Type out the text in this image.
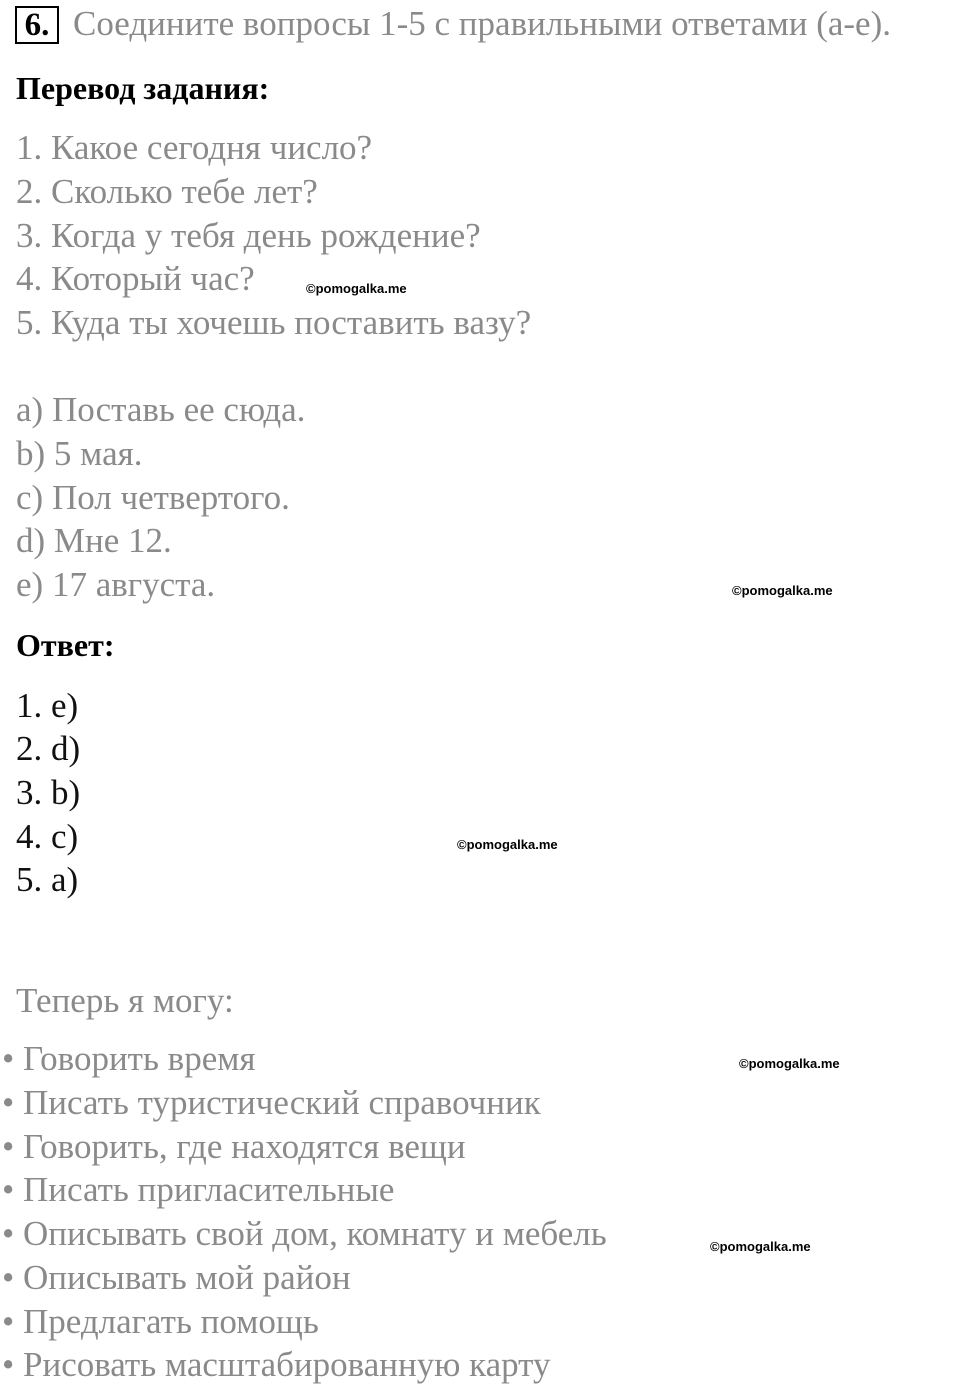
6. Соедините вопросы 1-5 с правильными ответами (a-e).

Перевод задания:

1. Какое сегодня число?

2. Сколько тебе лет?

3. Когда у тебя день рождение?

4. Который час?

5. Куда ты хочешь поставить вазу?

a) Поставь ее сюда.

b) 5 мая.

c) Пол четвертого.

d) Мне 12.

e) 17 августа.

Ответ:

1. e)

2. d)

3. b)

4. c)

5. a)

Теперь я могу:

• Говорить время

• Писать туристический справочник

• Говорить, где находятся вещи

• Писать пригласительные

• Описывать свой дом, комнату и мебель

• Описывать мой район

• Предлагать помощь

• Рисовать масштабированную карту

©pomogalka.me

©pomogalka.me

©pomogalka.me

©pomogalka.me

©pomogalka.me
